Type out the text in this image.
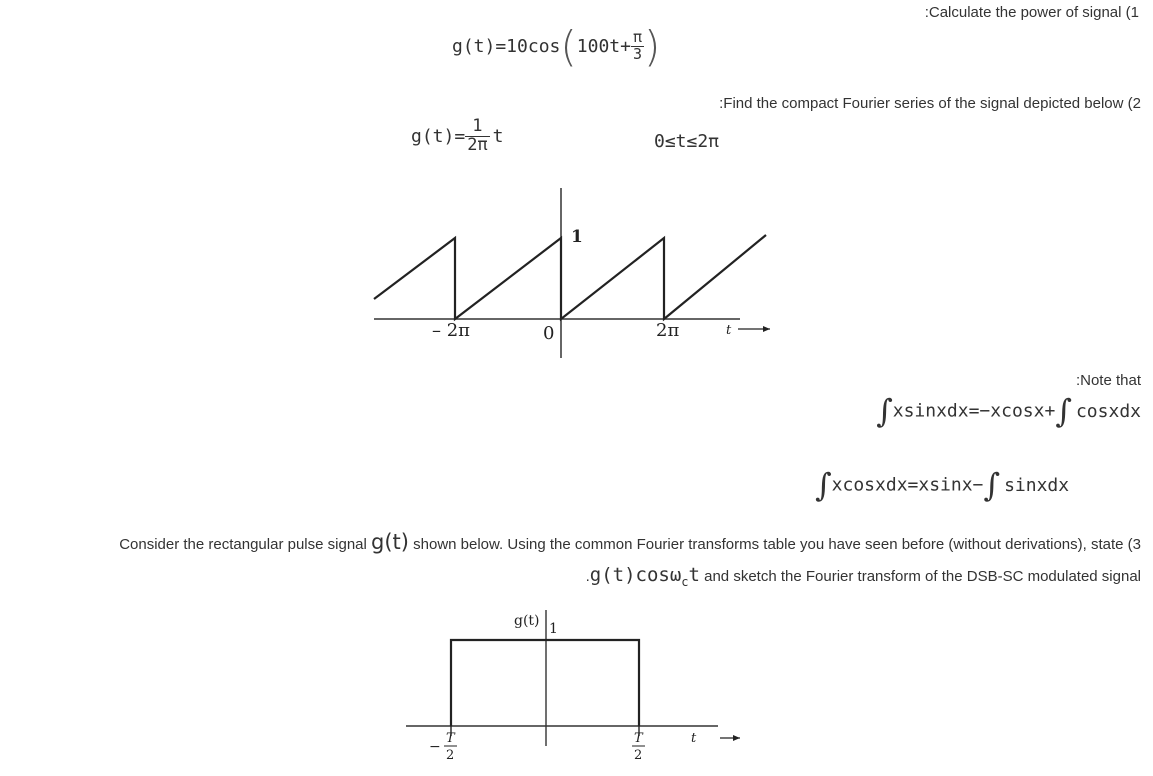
:Calculate the power of signal (1
$g(t)=10\cos(100t+ \frac{\pi}{3}$ )
:Find the compact Fourier series of the signal depicted below (2
$g(t)= \frac{1}{2\pi}$ t	0≤t≤2π
1
– 2π	0	2π	t
:Note that
∫xsinxdx=−xcosx+∫ cosxdx
∫xcosxdx=xsinx−∫ sinxdx
Consider the rectangular pulse signal g(t) shown below. Using the common Fourier transforms table you have seen before (without derivations), state (3
.g(t)cosω$_c$t and sketch the Fourier transform of the DSB-SC modulated signal
g(t) 1
−
T
2
T
2
t
